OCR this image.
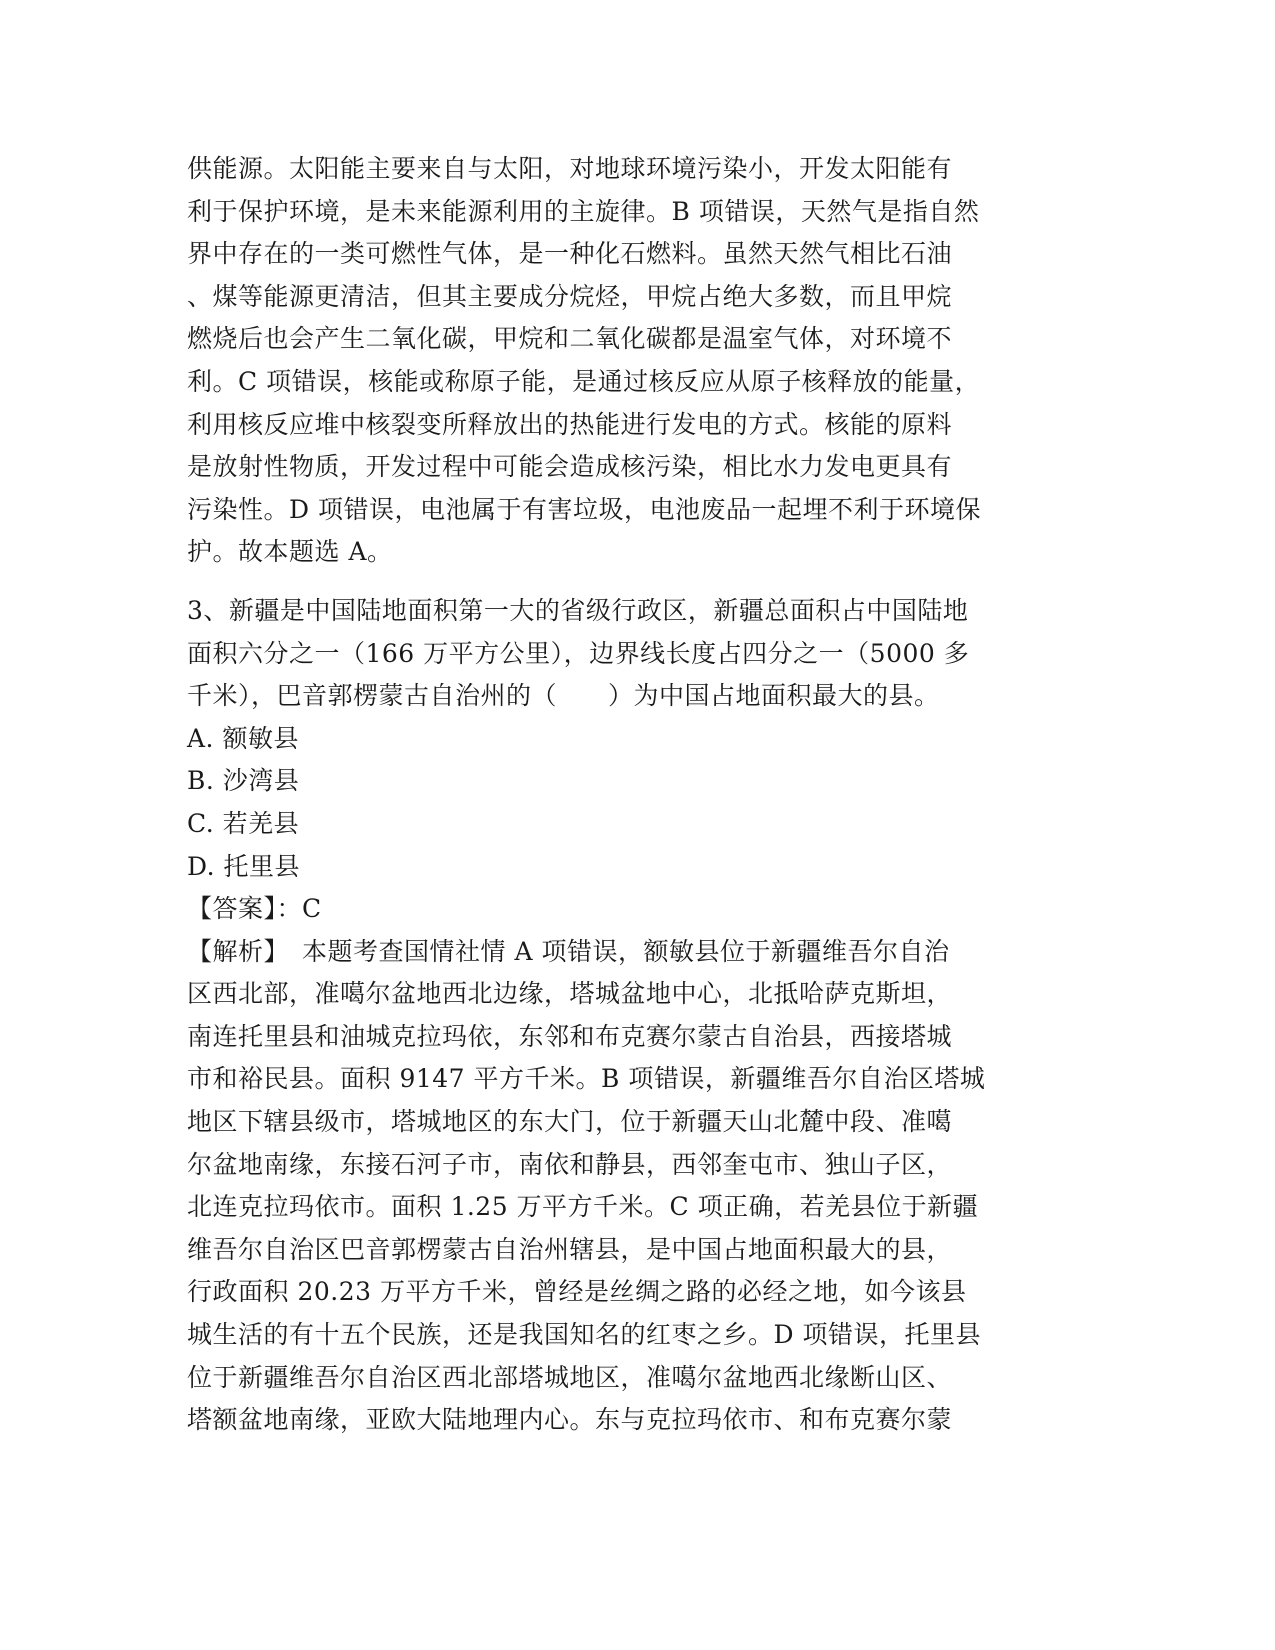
供能源。太阳能主要来自与太阳，对地球环境污染小，开发太阳能有
利于保护环境，是未来能源利用的主旋律。B 项错误，天然气是指自然
界中存在的一类可燃性气体，是一种化石燃料。虽然天然气相比石油
、煤等能源更清洁，但其主要成分烷烃，甲烷占绝大多数，而且甲烷
燃烧后也会产生二氧化碳，甲烷和二氧化碳都是温室气体，对环境不
利。C 项错误，核能或称原子能，是通过核反应从原子核释放的能量，
利用核反应堆中核裂变所释放出的热能进行发电的方式。核能的原料
是放射性物质，开发过程中可能会造成核污染，相比水力发电更具有
污染性。D 项错误，电池属于有害垃圾，电池废品一起埋不利于环境保
护。故本题选 A。
3、新疆是中国陆地面积第一大的省级行政区，新疆总面积占中国陆地
面积六分之一（166 万平方公里），边界线长度占四分之一（5000 多
千米），巴音郭楞蒙古自治州的（　　）为中国占地面积最大的县。
A. 额敏县
B. 沙湾县
C. 若羌县
D. 托里县
【答案】：C
【解析】　本题考查国情社情 A 项错误，额敏县位于新疆维吾尔自治
区西北部，准噶尔盆地西北边缘，塔城盆地中心，北抵哈萨克斯坦，
南连托里县和油城克拉玛依，东邻和布克赛尔蒙古自治县，西接塔城
市和裕民县。面积 9147 平方千米。B 项错误，新疆维吾尔自治区塔城
地区下辖县级市，塔城地区的东大门，位于新疆天山北麓中段、准噶
尔盆地南缘，东接石河子市，南依和静县，西邻奎屯市、独山子区，
北连克拉玛依市。面积 1.25 万平方千米。C 项正确，若羌县位于新疆
维吾尔自治区巴音郭楞蒙古自治州辖县，是中国占地面积最大的县，
行政面积 20.23 万平方千米，曾经是丝绸之路的必经之地，如今该县
城生活的有十五个民族，还是我国知名的红枣之乡。D 项错误，托里县
位于新疆维吾尔自治区西北部塔城地区，准噶尔盆地西北缘断山区、
塔额盆地南缘，亚欧大陆地理内心。东与克拉玛依市、和布克赛尔蒙
